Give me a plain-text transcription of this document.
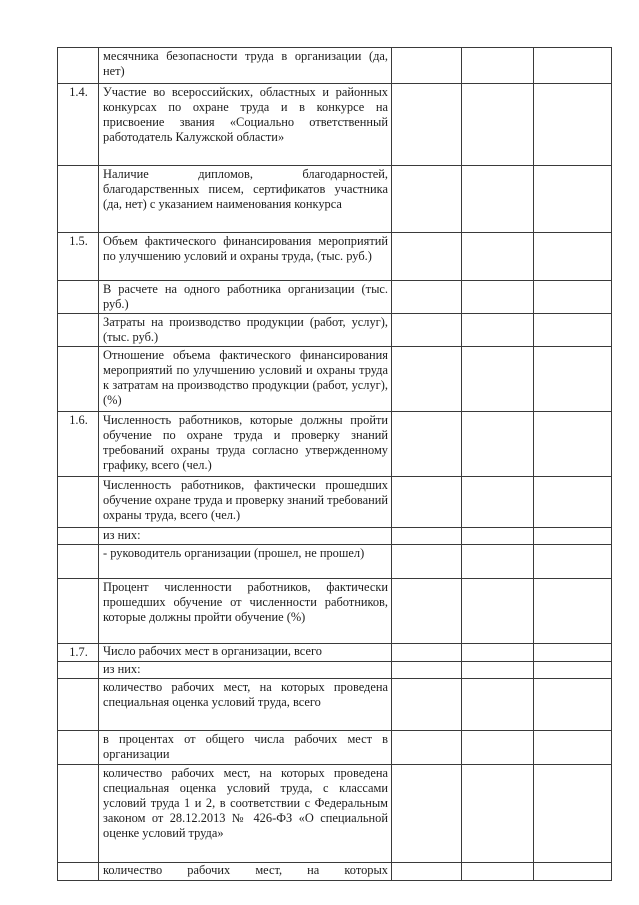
	месячника безопасности труда в организации (да, нет)			
1.4.	Участие во всероссийских, областных и районных конкурсах по охране труда и в конкурсе на присвоение звания «Социально ответственный работодатель Калужской области»			
	Наличие дипломов, благодарностей, благодарственных писем, сертификатов участника (да, нет) с указанием наименования конкурса			
1.5.	Объем фактического финансирования мероприятий по улучшению условий и охраны труда, (тыс. руб.)			
	В расчете на одного работника организации (тыс. руб.)			
	Затраты на производство продукции (работ, услуг), (тыс. руб.)			
	Отношение объема фактического финансирования мероприятий по улучшению условий и охраны труда к затратам на производство продукции (работ, услуг), (%)			
1.6.	Численность работников, которые должны пройти обучение по охране труда и проверку знаний требований охраны труда согласно утвержденному графику, всего (чел.)			
	Численность работников, фактически прошедших обучение охране труда и проверку знаний требований охраны труда, всего (чел.)			
	из них:			
	- руководитель организации (прошел, не прошел)			
	Процент численности работников, фактически прошедших обучение от численности работников, которые должны пройти обучение (%)			
1.7.	Число рабочих мест в организации, всего			
	из них:			
	количество рабочих мест, на которых проведена специальная оценка условий труда, всего			
	в процентах от общего числа рабочих мест в организации			
	количество рабочих мест, на которых проведена специальная оценка условий труда, с классами условий труда 1 и 2, в соответствии с Федеральным законом от 28.12.2013 № 426-ФЗ «О специальной оценке условий труда»			
	количество рабочих мест, на которых			
